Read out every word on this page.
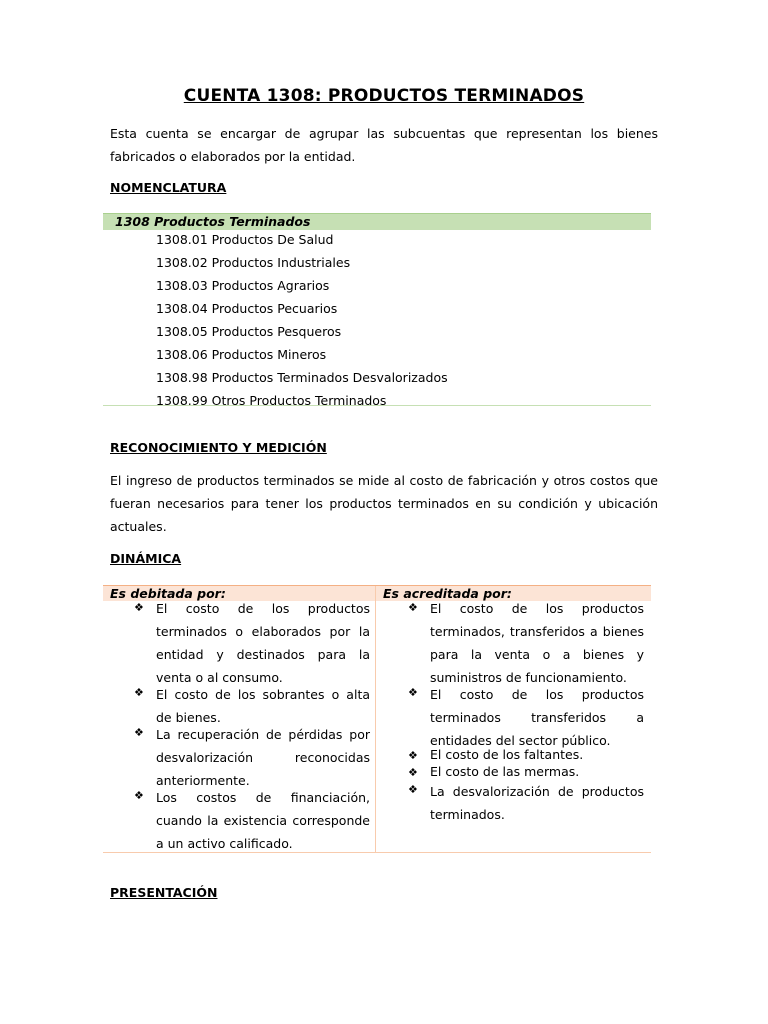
CUENTA 1308: PRODUCTOS TERMINADOS
Esta cuenta se encargar de agrupar las subcuentas que representan los bienes fabricados o elaborados por la entidad.
NOMENCLATURA
1308 Productos Terminados
1308.01 Productos De Salud
1308.02 Productos Industriales
1308.03 Productos Agrarios
1308.04 Productos Pecuarios
1308.05 Productos Pesqueros
1308.06 Productos Mineros
1308.98 Productos Terminados Desvalorizados
1308.99 Otros Productos Terminados
RECONOCIMIENTO Y MEDICIÓN
El ingreso de productos terminados se mide al costo de fabricación y otros costos que fueran necesarios para tener los productos terminados en su condición y ubicación actuales.
DINÁMICA
Es debitada por:	Es acreditada por:
❖ El costo de los productos terminados o elaborados por la entidad y destinados para la venta o al consumo.
❖ El costo de los sobrantes o alta de bienes.
❖ La recuperación de pérdidas por desvalorización reconocidas anteriormente.
❖ Los costos de financiación, cuando la existencia corresponde a un activo calificado.
❖ El costo de los productos terminados, transferidos a bienes para la venta o a bienes y suministros de funcionamiento.
❖ El costo de los productos terminados transferidos a entidades del sector público.
❖ El costo de los faltantes.
❖ El costo de las mermas.
❖ La desvalorización de productos terminados.
PRESENTACIÓN
